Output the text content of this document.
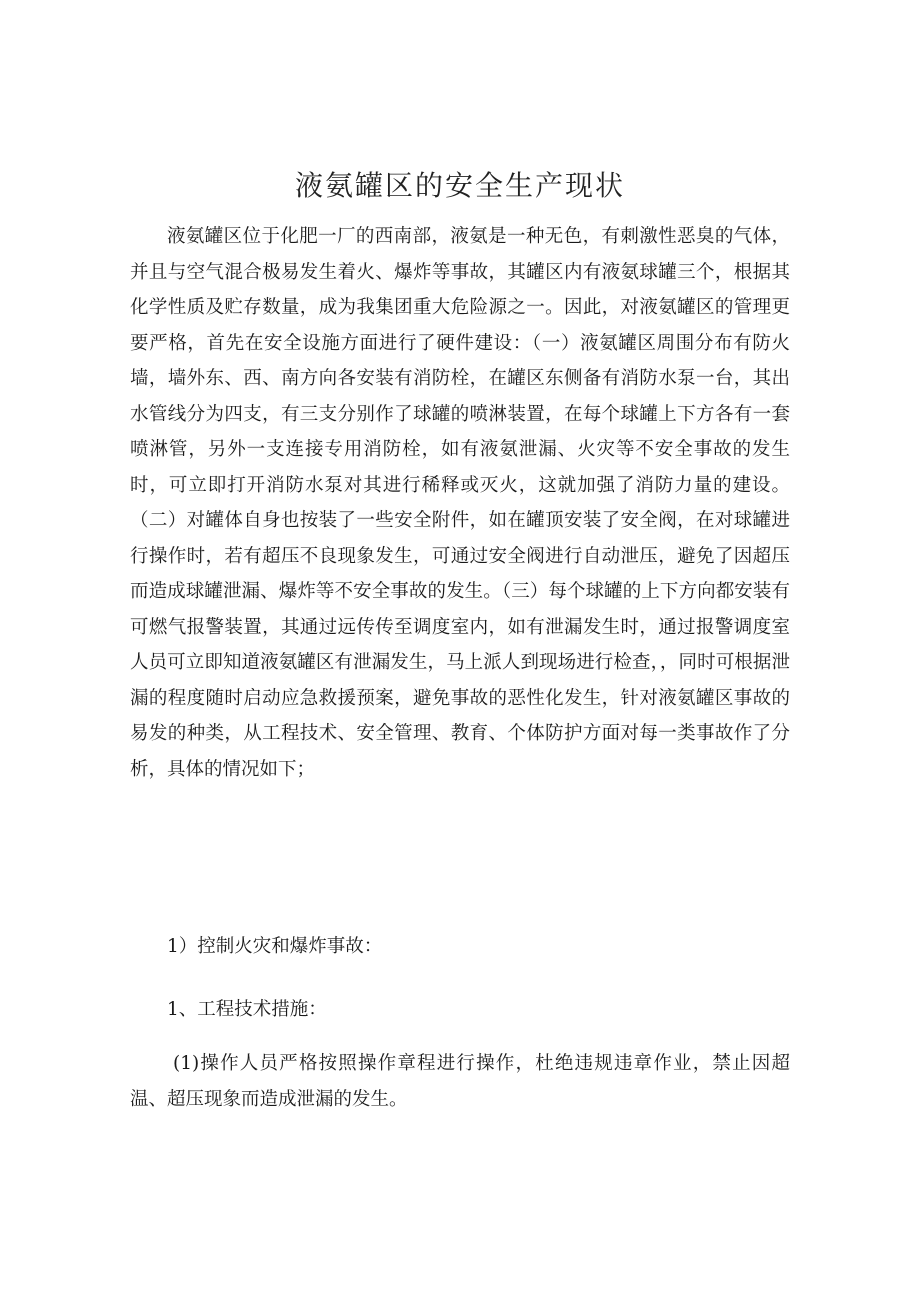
液氨罐区的安全生产现状

液氨罐区位于化肥一厂的西南部，液氨是一种无色，有刺激性恶臭的气体，并且与空气混合极易发生着火、爆炸等事故，其罐区内有液氨球罐三个，根据其化学性质及贮存数量，成为我集团重大危险源之一。因此，对液氨罐区的管理更要严格，首先在安全设施方面进行了硬件建设：（一）液氨罐区周围分布有防火墙，墙外东、西、南方向各安装有消防栓，在罐区东侧备有消防水泵一台，其出水管线分为四支，有三支分别作了球罐的喷淋装置，在每个球罐上下方各有一套喷淋管，另外一支连接专用消防栓，如有液氨泄漏、火灾等不安全事故的发生时，可立即打开消防水泵对其进行稀释或灭火，这就加强了消防力量的建设。（二）对罐体自身也按装了一些安全附件，如在罐顶安装了安全阀，在对球罐进行操作时，若有超压不良现象发生，可通过安全阀进行自动泄压，避免了因超压而造成球罐泄漏、爆炸等不安全事故的发生。（三）每个球罐的上下方向都安装有可燃气报警装置，其通过远传传至调度室内，如有泄漏发生时，通过报警调度室人员可立即知道液氨罐区有泄漏发生，马上派人到现场进行检查，，同时可根据泄漏的程度随时启动应急救援预案，避免事故的恶性化发生，针对液氨罐区事故的易发的种类，从工程技术、安全管理、教育、个体防护方面对每一类事故作了分析，具体的情况如下；

1）控制火灾和爆炸事故：

1、工程技术措施：

(1)操作人员严格按照操作章程进行操作，杜绝违规违章作业，禁止因超温、超压现象而造成泄漏的发生。
